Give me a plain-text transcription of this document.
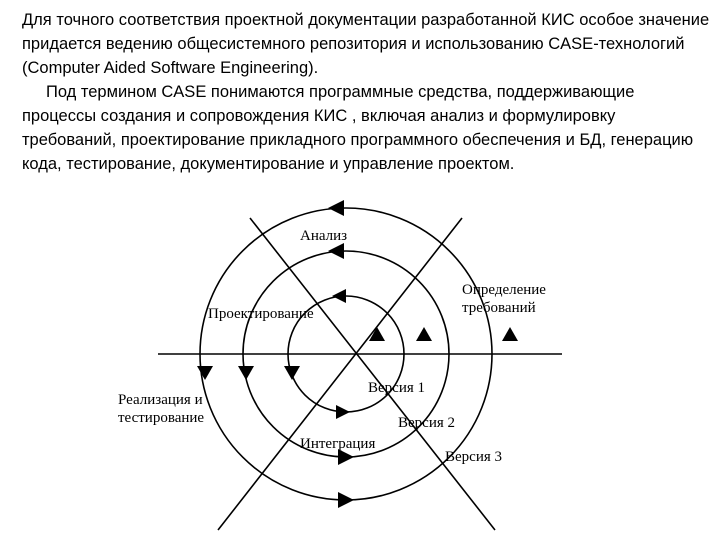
Для точного соответствия проектной документации разработанной КИС особое значение придается ведению общесистемного репозитория и использованию CASE-технологий (Computer Aided Software Engineering).

Под термином CASE понимаются программные средства, поддерживающие процессы создания и сопровождения КИС , включая анализ и формулировку требований, проектирование прикладного программного обеспечения и БД, генерацию кода, тестирование, документирование и управление проектом.

Анализ
Определение
требований
Проектирование
Реализация и
тестирование
Интеграция
Версия 1
Версия 2
Версия 3
